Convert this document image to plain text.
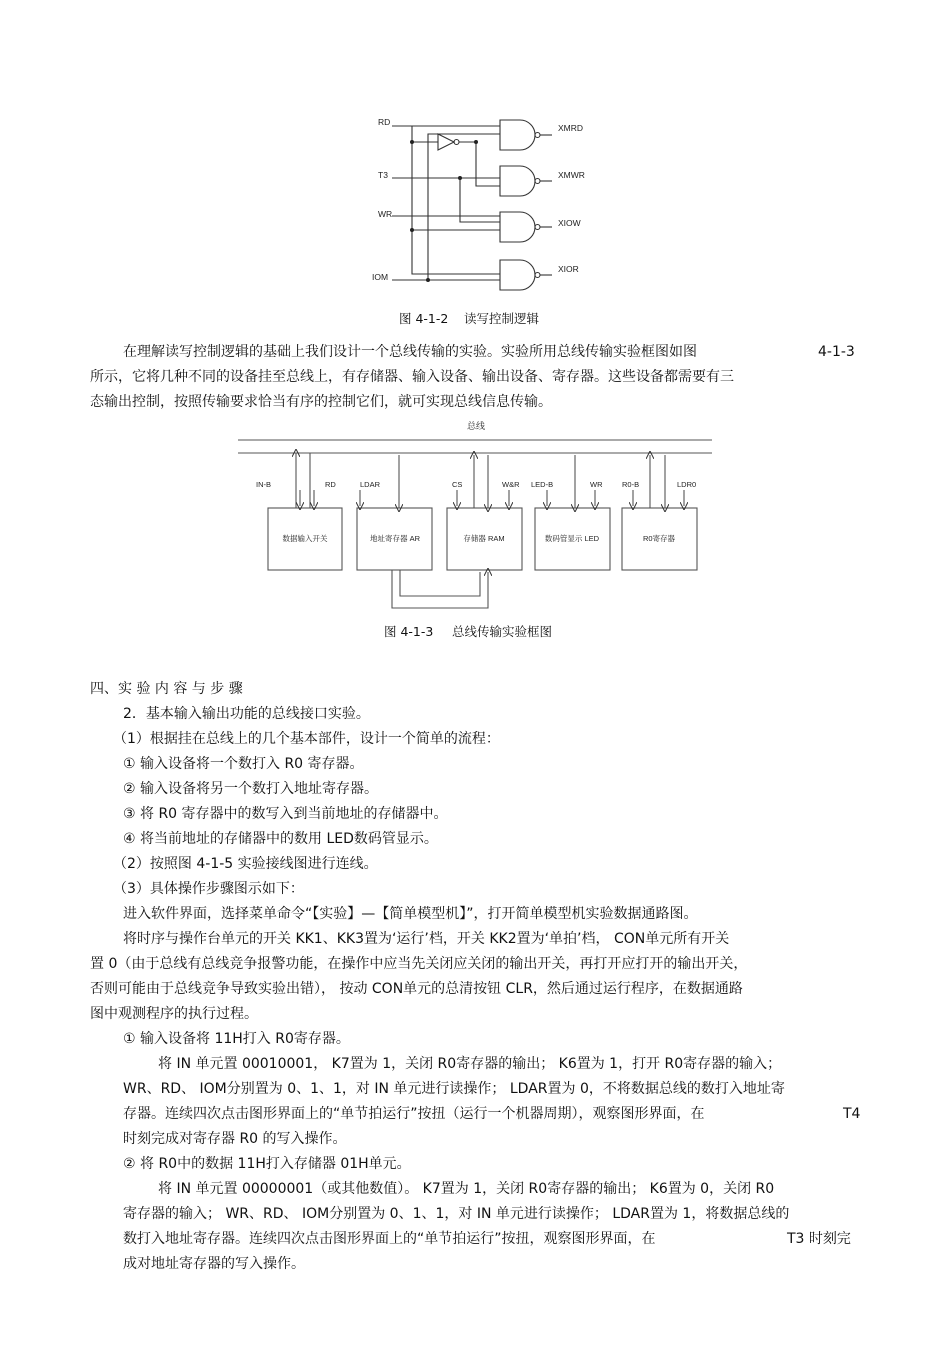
RD
T3
WR
IOM
XMRD
XMWR
XIOW
XIOR
图 4-1-2 读写控制逻辑
在理解读写控制逻辑的基础上我们设计一个总线传输的实验。实验所用总线传输实验框图如图	4-1-3
所示，它将几种不同的设备挂至总线上，有存储器、输入设备、输出设备、寄存器。这些设备都需要有三
态输出控制，按照传输要求恰当有序的控制它们，就可实现总线信息传输。
总线
IN-B	RD	LDAR	CS	W&R LED-B	WR	R0-B	LDR0
数据输入开关	地址寄存器 AR	存储器 RAM	数码管显示 LED	R0寄存器
图 4-1-3 总线传输实验框图
四、实 验 内 容 与 步 骤
2．基本输入输出功能的总线接口实验。
（1）根据挂在总线上的几个基本部件，设计一个简单的流程：
① 输入设备将一个数打入 R0 寄存器。
② 输入设备将另一个数打入地址寄存器。
③ 将 R0 寄存器中的数写入到当前地址的存储器中。
④ 将当前地址的存储器中的数用 LED数码管显示。
（2）按照图 4-1-5 实验接线图进行连线。
（3）具体操作步骤图示如下：
进入软件界面，选择菜单命令“【实验】—【简单模型机】”，打开简单模型机实验数据通路图。
将时序与操作台单元的开关 KK1、KK3置为‘运行’档，开关 KK2置为‘单拍’档， CON单元所有开关
置 0（由于总线有总线竞争报警功能，在操作中应当先关闭应关闭的输出开关，再打开应打开的输出开关，
否则可能由于总线竞争导致实验出错）， 按动 CON单元的总清按钮 CLR，然后通过运行程序，在数据通路
图中观测程序的执行过程。
① 输入设备将 11H打入 R0寄存器。
将 IN 单元置 00010001， K7置为 1，关闭 R0寄存器的输出； K6置为 1，打开 R0寄存器的输入；
WR、RD、 IOM分别置为 0、1、1，对 IN 单元进行读操作； LDAR置为 0，不将数据总线的数打入地址寄
存器。连续四次点击图形界面上的“单节拍运行”按扭（运行一个机器周期），观察图形界面，在	T4
时刻完成对寄存器 R0 的写入操作。
② 将 R0中的数据 11H打入存储器 01H单元。
将 IN 单元置 00000001（或其他数值）。 K7置为 1，关闭 R0寄存器的输出； K6置为 0，关闭 R0
寄存器的输入； WR、RD、 IOM分别置为 0、1、1，对 IN 单元进行读操作； LDAR置为 1，将数据总线的
数打入地址寄存器。连续四次点击图形界面上的“单节拍运行”按扭，观察图形界面，在	T3 时刻完
成对地址寄存器的写入操作。
